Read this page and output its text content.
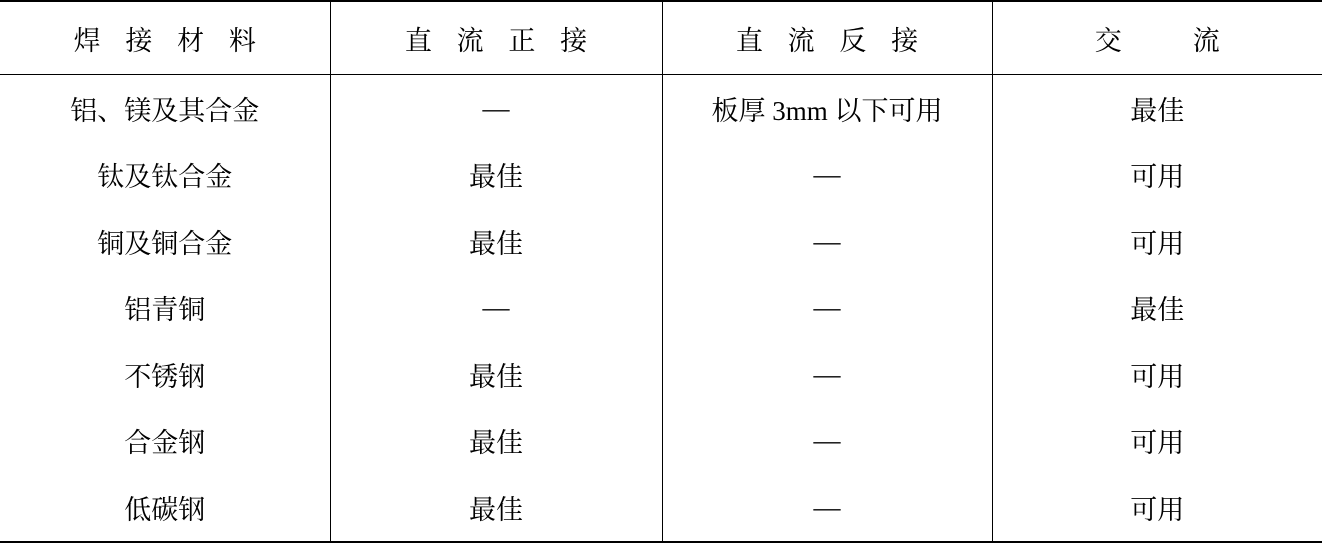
焊 接 材 料	直 流 正 接	直 流 反 接	交　流
铝、镁及其合金	—	板厚 3mm 以下可用	最佳
钛及钛合金	最佳	—	可用
铜及铜合金	最佳	—	可用
铝青铜	—	—	最佳
不锈钢	最佳	—	可用
合金钢	最佳	—	可用
低碳钢	最佳	—	可用
